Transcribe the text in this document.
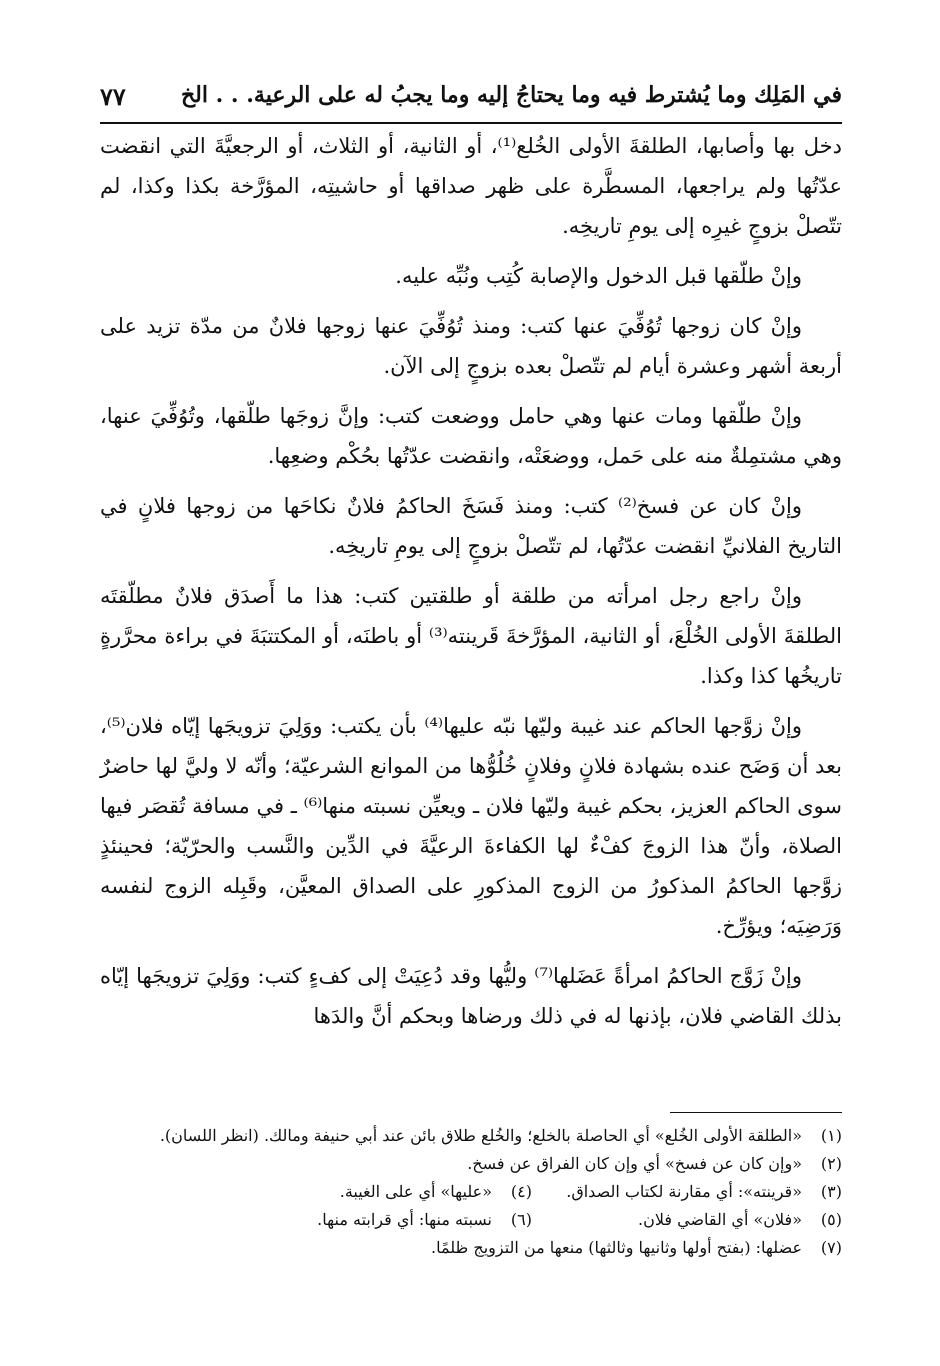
في المَلِك وما يُشترط فيه وما يحتاجُ إليه وما يجبُ له على الرعية. . . الخ
٧٧

دخل بها وأصابها، الطلقةَ الأولى الخُلع⁽¹⁾، أو الثانية، أو الثلاث، أو الرجعيَّةَ التي انقضت عدّتُها ولم يراجعها، المسطَّرة على ظهر صداقها أو حاشيتِه، المؤرَّخة بكذا وكذا، لم تتّصلْ بزوجٍ غيرِه إلى يومِ تاريخِه.

وإنْ طلّقها قبل الدخول والإصابة كُتِب ونُبِّه عليه.

وإنْ كان زوجها تُوُفِّيَ عنها كتب: ومنذ تُوُفِّيَ عنها زوجها فلانٌ من مدّة تزيد على أربعة أشهر وعشرة أيام لم تتّصلْ بعده بزوجٍ إلى الآن.

وإنْ طلّقها ومات عنها وهي حامل ووضعت كتب: وإنَّ زوجَها طلّقها، وتُوُفِّيَ عنها، وهي مشتمِلةٌ منه على حَمل، ووضعَتْه، وانقضت عدّتُها بحُكْم وضعِها.

وإنْ كان عن فسخ⁽²⁾ كتب: ومنذ فَسَخَ الحاكمُ فلانٌ نكاحَها من زوجها فلانٍ في التاريخ الفلانيِّ انقضت عدّتُها، لم تتّصلْ بزوجٍ إلى يومِ تاريخِه.

وإنْ راجع رجل امرأته من طلقة أو طلقتين كتب: هذا ما أَصدَق فلانٌ مطلّقتَه الطلقةَ الأولى الخُلْعَ، أو الثانية، المؤرَّخةَ قَرينته⁽³⁾ أو باطنَه، أو المكتتبَةَ في براءة محرَّرةٍ تاريخُها كذا وكذا.

وإنْ زوَّجها الحاكم عند غيبة وليّها نبّه عليها⁽⁴⁾ بأن يكتب: ووَلِيَ تزويجَها إيّاه فلان⁽⁵⁾، بعد أن وَضَح عنده بشهادة فلانٍ وفلانٍ خُلُوُّها من الموانع الشرعيّة؛ وأنّه لا وليَّ لها حاضرٌ سوى الحاكم العزيز، بحكم غيبة وليّها فلان ـ ويعيِّن نسبته منها⁽⁶⁾ ـ في مسافة تُقصَر فيها الصلاة، وأنّ هذا الزوجَ كفْءٌ لها الكفاءةَ الرعيَّةَ في الدِّين والنَّسب والحرّيّة؛ فحينئذٍ زوَّجها الحاكمُ المذكورُ من الزوج المذكورِ على الصداق المعيَّن، وقَبِله الزوج لنفسه وَرَضِيَه؛ ويؤرِّخ.

وإنْ زَوَّج الحاكمُ امرأةً عَضَلها⁽⁷⁾ وليُّها وقد دُعِيَتْ إلى كفءٍ كتب: ووَلِيَ تزويجَها إيّاه بذلك القاضي فلان، بإذنها له في ذلك ورضاها وبحكم أنَّ والدَها

(١)
«الطلقة الأولى الخُلع» أي الحاصلة بالخلع؛ والخُلع طلاق بائن عند أبي حنيفة ومالك. (انظر اللسان).
(٢)
«وإن كان عن فسخ» أي وإن كان الفراق عن فسخ.
(٣)
«قرينته»: أي مقارنة لكتاب الصداق.
(٤)
«عليها» أي على الغيبة.
(٥)
«فلان» أي القاضي فلان.
(٦)
نسبته منها: أي قرابته منها.
(٧)
عضلها: (بفتح أولها وثانيها وثالثها) منعها من التزويج ظلمًا.
